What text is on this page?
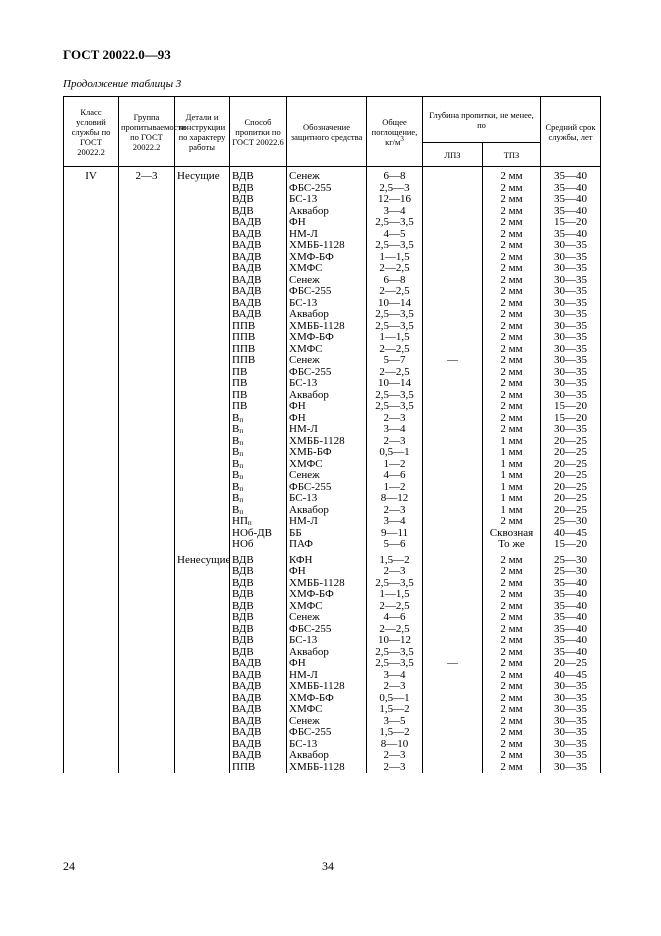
ГОСТ 20022.0—93
Продолжение таблицы 3
Класс условий службы по ГОСТ 20022.2	Группа пропитываемости по ГОСТ 20022.2	Детали и конструкции по характеру работы	Способ пропитки по ГОСТ 20022.6	Обозначение защитного средства	Общее поглощение, $кг/м^3$	Глубина пропитки, не менее, по		Средний срок службы, лет
						ЛПЗ	ТПЗ	
IV	2—3	Несущие	ВДВ	Сенеж	6—8		2 мм	35—40
			ВДВ	ФБС-255	2,5—3		2 мм	35—40
			ВДВ	БС-13	12—16		2 мм	35—40
			ВДВ	Аквабор	3—4		2 мм	35—40
			ВАДВ	ФН	2,5—3,5		2 мм	15—20
			ВАДВ	НМ-Л	4—5		2 мм	35—40
			ВАДВ	ХМББ-1128	2,5—3,5		2 мм	30—35
			ВАДВ	ХМФ-БФ	1—1,5		2 мм	30—35
			ВАДВ	ХМФС	2—2,5		2 мм	30—35
			ВАДВ	Сенеж	6—8		2 мм	30—35
			ВАДВ	ФБС-255	2—2,5		2 мм	30—35
			ВАДВ	БС-13	10—14		2 мм	30—35
			ВАДВ	Аквабор	2,5—3,5		2 мм	30—35
			ППВ	ХМББ-1128	2,5—3,5		2 мм	30—35
			ППВ	ХМФ-БФ	1—1,5		2 мм	30—35
			ППВ	ХМФС	2—2,5		2 мм	30—35
			ППВ	Сенеж	5—7	—	2 мм	30—35
			ПВ	ФБС-255	2—2,5		2 мм	30—35
			ПВ	БС-13	10—14		2 мм	30—35
			ПВ	Аквабор	2,5—3,5		2 мм	30—35
			ПВ	ФН	2,5—3,5		2 мм	15—20
			$В_п$	ФН	2—3		2 мм	15—20
			$В_п$	НМ-Л	3—4		2 мм	30—35
			$В_п$	ХМББ-1128	2—3		1 мм	20—25
			$В_п$	ХМБ-БФ	0,5—1		1 мм	20—25
			$В_п$	ХМФС	1—2		1 мм	20—25
			$В_п$	Сенеж	4—6		1 мм	20—25
			$В_п$	ФБС-255	1—2		1 мм	20—25
			$В_п$	БС-13	8—12		1 мм	20—25
			$В_п$	Аквабор	2—3		1 мм	20—25
			$НП_п$	НМ-Л	3—4		2 мм	25—30
			НОб-ДВ	ББ	9—11		Сквозная	40—45
			НОб	ПАФ	5—6		То же	15—20
		Ненесущие	ВДВ	КФН	1,5—2		2 мм	25—30
			ВДВ	ФН	2—3		2 мм	25—30
			ВДВ	ХМББ-1128	2,5—3,5		2 мм	35—40
			ВДВ	ХМФ-БФ	1—1,5		2 мм	35—40
			ВДВ	ХМФС	2—2,5		2 мм	35—40
			ВДВ	Сенеж	4—6		2 мм	35—40
			ВДВ	ФБС-255	2—2,5		2 мм	35—40
			ВДВ	БС-13	10—12		2 мм	35—40
			ВДВ	Аквабор	2,5—3,5		2 мм	35—40
			ВАДВ	ФН	2,5—3,5	—	2 мм	20—25
			ВАДВ	НМ-Л	3—4		2 мм	40—45
			ВАДВ	ХМББ-1128	2—3		2 мм	30—35
			ВАДВ	ХМФ-БФ	0,5—1		2 мм	30—35
			ВАДВ	ХМФС	1,5—2		2 мм	30—35
			ВАДВ	Сенеж	3—5		2 мм	30—35
			ВАДВ	ФБС-255	1,5—2		2 мм	30—35
			ВАДВ	БС-13	8—10		2 мм	30—35
			ВАДВ	Аквабор	2—3		2 мм	30—35
			ППВ	ХМББ-1128	2—3		2 мм	30—35
24	34
